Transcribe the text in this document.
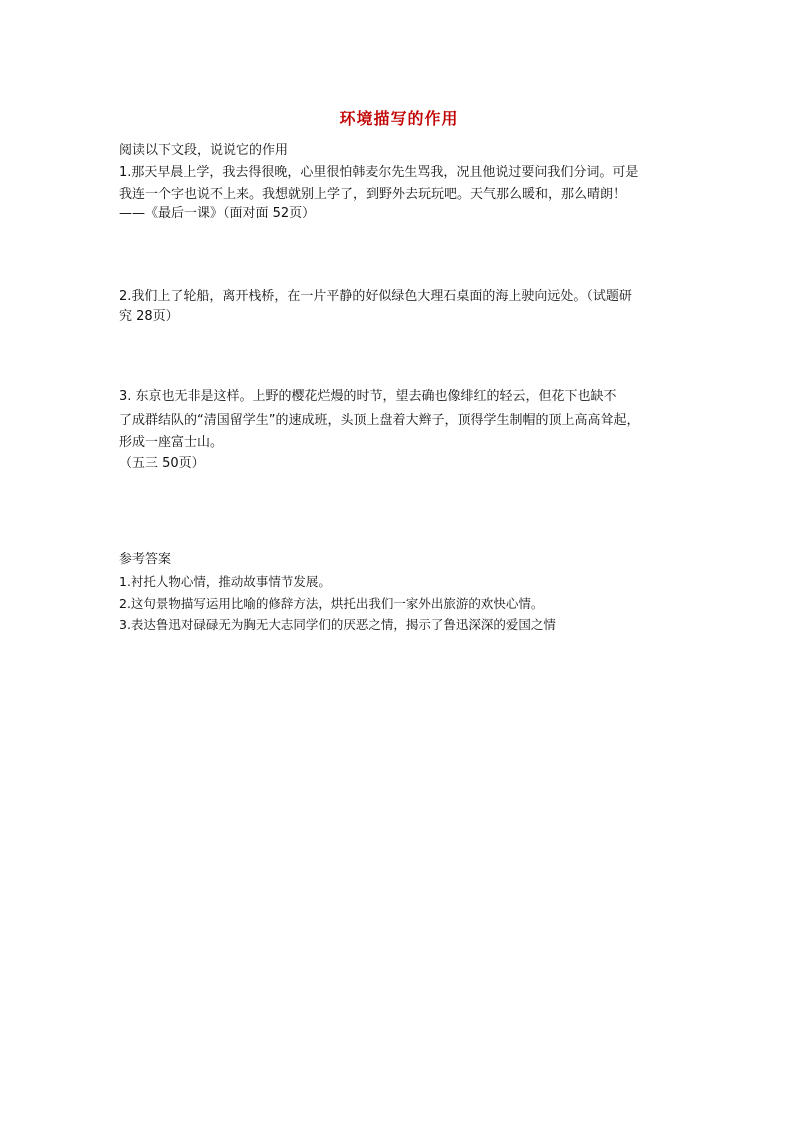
环境描写的作用
阅读以下文段，说说它的作用
1.那天早晨上学，我去得很晚，心里很怕韩麦尔先生骂我，况且他说过要问我们分词。可是
我连一个字也说不上来。我想就别上学了，到野外去玩玩吧。天气那么暖和，那么晴朗！
——《最后一课》（面对面 52页）
2.我们上了轮船，离开栈桥，在一片平静的好似绿色大理石桌面的海上驶向远处。（试题研
究 28页）
3. 东京也无非是这样。上野的樱花烂熳的时节，望去确也像绯红的轻云，但花下也缺不
了成群结队的“清国留学生”的速成班，头顶上盘着大辫子，顶得学生制帽的顶上高高耸起，
形成一座富士山。
（五三 50页）
参考答案
1.衬托人物心情，推动故事情节发展。
2.这句景物描写运用比喻的修辞方法，烘托出我们一家外出旅游的欢快心情。
3.表达鲁迅对碌碌无为胸无大志同学们的厌恶之情，揭示了鲁迅深深的爱国之情
